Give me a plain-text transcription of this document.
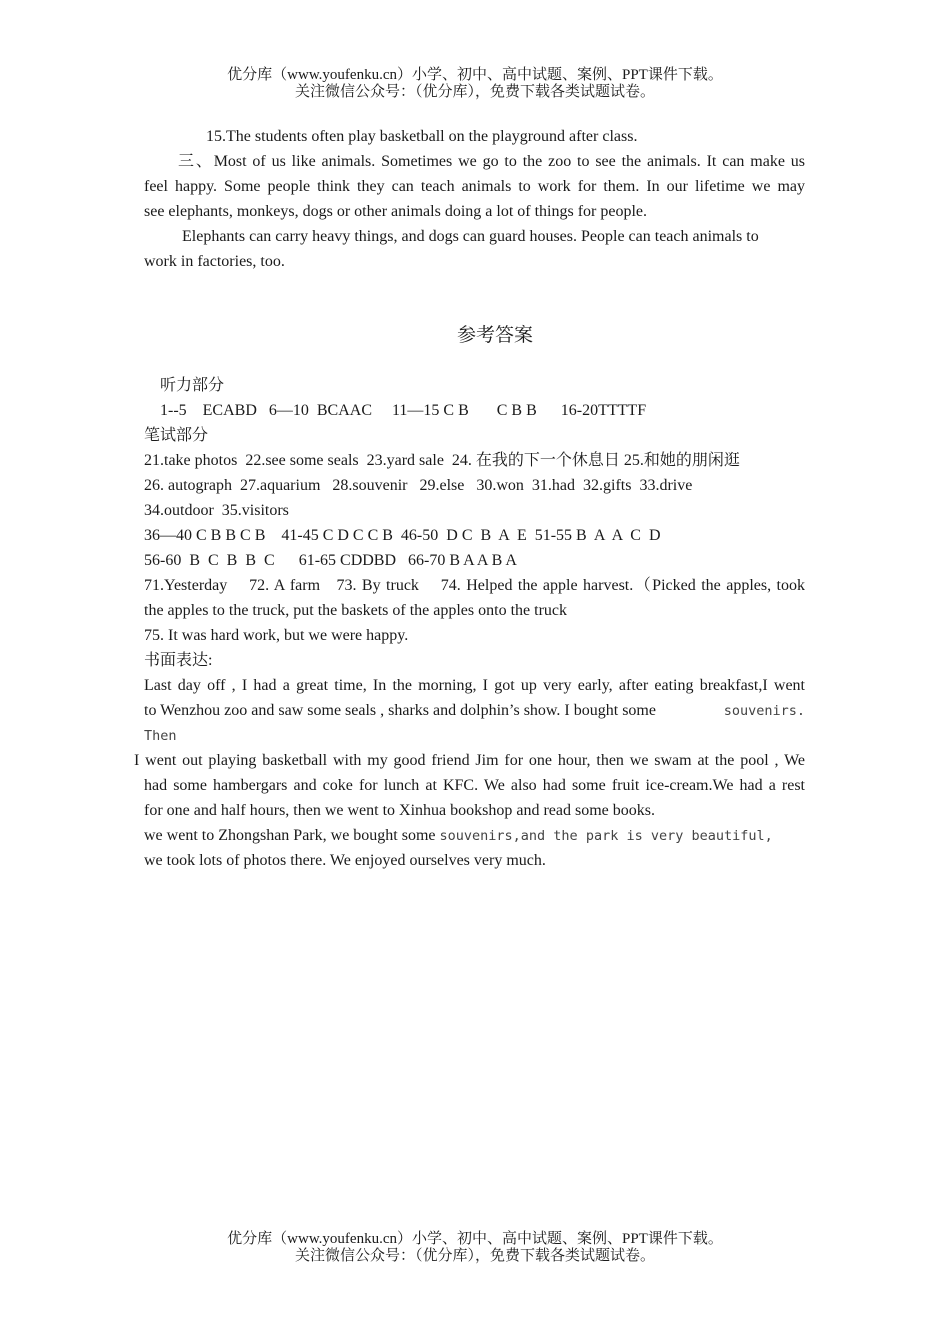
优分库（www.youfenku.cn）小学、初中、高中试题、案例、PPT课件下载。
关注微信公众号：（优分库），免费下载各类试题试卷。
15.The students often play basketball on the playground after class.
三、Most of us like animals. Sometimes we go to the zoo to see the animals. It can make us
feel happy. Some people think they can teach animals to work for them. In our lifetime we may
see elephants, monkeys, dogs or other animals doing a lot of things for people.
Elephants can carry heavy things, and dogs can guard houses. People can teach animals to
work in factories, too.
参考答案
听力部分
1--5    ECABD   6—10  BCAAC     11—15 C B       C B B      16-20TTTTF
笔试部分
21.take photos  22.see some seals  23.yard sale  24. 在我的下一个休息日 25.和她的朋闲逛
26. autograph  27.aquarium   28.souvenir   29.else   30.won  31.had  32.gifts  33.drive
34.outdoor  35.visitors
36—40 C B B C B    41-45 C D C C B  46-50  D C  B  A  E  51-55 B  A  A  C  D
56-60  B  C  B  B  C      61-65 CDDBD   66-70 B A A B A
71.Yesterday    72. A farm   73. By truck    74. Helped the apple harvest.（Picked the apples, took
the apples to the truck, put the baskets of the apples onto the truck
75. It was hard work, but we were happy.
书面表达:
Last day off , I had a great time, In the morning, I got up very early, after eating breakfast,I went
to Wenzhou zoo and saw some seals , sharks and dolphin’s show. I bought some	souvenirs.
Then
I went out playing basketball with my good friend Jim for one hour, then we swam at the pool , We
had some hambergars and coke for lunch at KFC. We also had some fruit ice-cream.We had a rest
for one and half hours, then we went to Xinhua bookshop and read some books.
we went to Zhongshan Park, we bought some souvenirs,and the park is very beautiful,
we took lots of photos there. We enjoyed ourselves very much.
优分库（www.youfenku.cn）小学、初中、高中试题、案例、PPT课件下载。
关注微信公众号：（优分库），免费下载各类试题试卷。
